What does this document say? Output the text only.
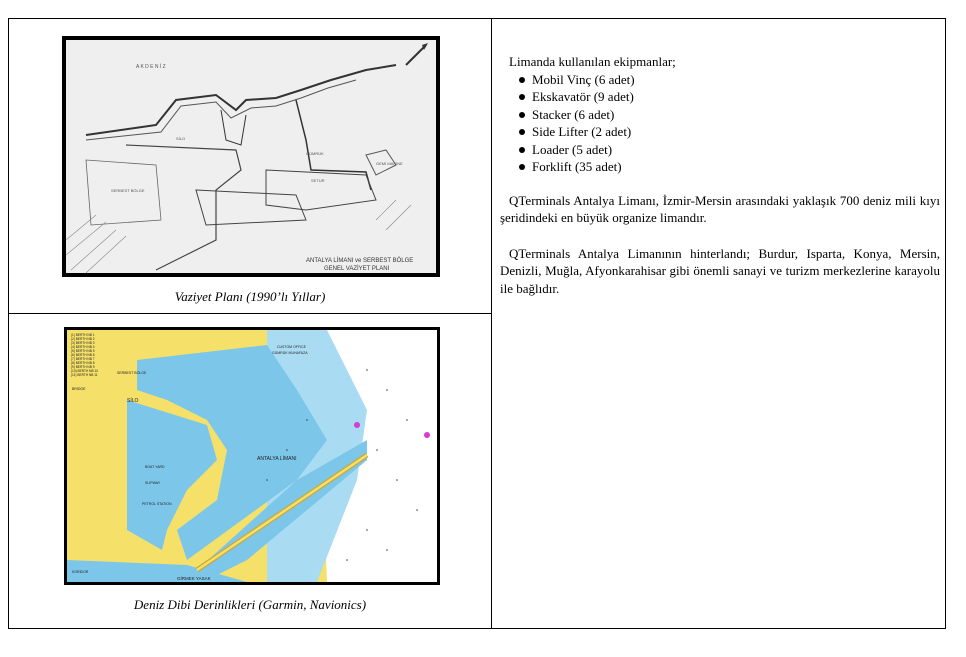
A K D E N İ Z
SERBEST BÖLGE
SİLO
GÜMRÜK
SETUR
GEMİ MAKİNE
ANTALYA LİMANI ve SERBEST BÖLGE
GENEL VAZİYET PLANI
Vaziyet Planı (1990’lı Yıllar)
ANTALYA LİMANI
SİLO
CUSTOM OFFICE
GÜMRÜK MUHAFAZA
SERBEST BÖLGE
BOAT YARD
SLIPWAY
PETROL STATION
GİRMEK YASAK
BRIDGE
KORİDOR
(1) BERTH NB 1
(2) BERTH NB 2
(3) BERTH NB 3
(4) BERTH NB 4
(5) BERTH NB 5
(6) BERTH NB 6
(7) BERTH NB 7
(8) BERTH NB 8
(9) BERTH NB 9
(10) BERTH NB 10
(11) BERTH NB 11
Deniz Dibi Derinlikleri (Garmin, Navionics)

Limanda kullanılan ekipmanlar;

Mobil Vinç (6 adet)
Ekskavatör (9 adet)
Stacker (6 adet)
Side Lifter (2 adet)
Loader (5 adet)
Forklift (35 adet)

QTerminals Antalya Limanı, İzmir-Mersin arasındaki yaklaşık 700 deniz mili kıyı şeridindeki en büyük organize limandır.

QTerminals Antalya Limanının hinterlandı; Burdur, Isparta, Konya, Mersin, Denizli, Muğla, Afyonkarahisar gibi önemli sanayi ve turizm merkezlerine karayolu ile bağlıdır.
